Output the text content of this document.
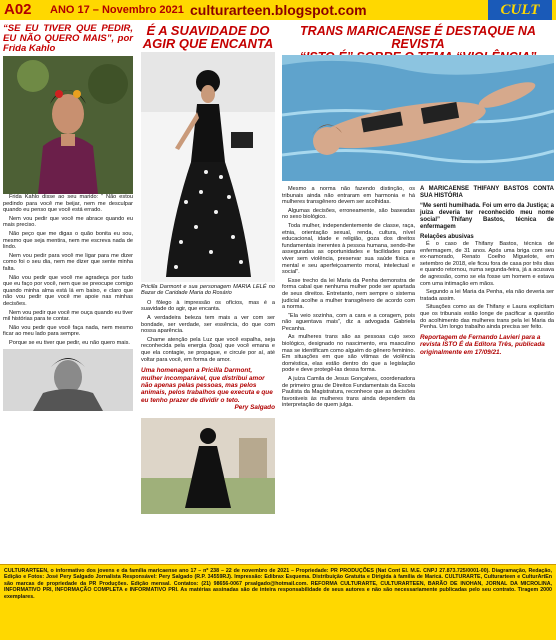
A02 ANO 17 – Novembro 2021 culturarteen.blogspot.com	CULT
“SE EU TIVER QUE PEDIR, EU NÃO QUERO MAIS”, por Frida Kahlo

Frida Kahlo disse ao seu marido: “ Não estou pedindo para você me beijar, nem me desculpar quando eu penso que você está errado.

Nem vou pedir que você me abrace quando eu mais preciso.

Não peço que me digas o quão bonita eu sou, mesmo que seja mentira, nem me escreva nada de lindo.

Nem vou pedir para você me ligar para me dizer como foi o seu dia, nem me dizer que sente minha falta.

Não vou pedir que você me agradeça por tudo que eu faço por você, nem que se preocupe comigo quando minha alma está lá em baixo, e claro que não vou pedir que você me apoie nas minhas decisões.

Nem vou pedir que você me ouça quando eu tiver mil histórias para te contar.

Não vou pedir que você faça nada, nem mesmo ficar ao meu lado para sempre.

Porque se eu tiver que pedir, eu não quero mais.

É A SUAVIDADE DO AGIR QUE ENCANTA
Pricilla Darmont e sua personagem MARIA LELÉ no Bazar de Caridade Maria do Rosário

O fôlego à impressão os ofícios, mas é a suavidade do agir, que encanta.

A verdadeira beleza tem mais a ver com ser bondade, ser verdade, ser essência, do que com nossa aparência.

Chame atenção pela Luz que você espalha, seja reconhecida pela energia (boa) que você emana e que ela contagie, se propague, e circule por aí, até voltar para você, em forma de amor.

Uma homenagem a Pricilla Darmont, mulher incomparável, que distribui amor não apenas pelas pessoas, mas pelos animais, pelos trabalhos que executa e que eu tenho prazer de dividir o teto.
Pery Salgado
TRANS MARICAENSE É DESTAQUE NA REVISTA

Mesmo a norma não fazendo distinção, os tribunais ainda não entraram em harmonia e há mulheres transgênero devem ser acolhidas.

Algumas decisões, erroneamente, são baseadas no sexo biológico.

Toda mulher, independentemente de classe, raça, etnia, orientação sexual, renda, cultura, nível educacional, idade e religião, goza dos direitos fundamentais inerentes à pessoa humana, sendo-lhe asseguradas as oportunidades e facilidades para viver sem violência, preservar sua saúde física e mental e seu aperfeiçoamento moral, intelectual e social”.

Esse trecho da lei Maria da Penha demonstra de forma cabal que nenhuma mulher pode ser apartada de seus direitos. Entretanto, nem sempre o sistema judicial acolhe a mulher transgênero de acordo com a norma.

“Ela veio sozinha, com a cara e a coragem, pois não aguentava mais”, diz a advogada Gabriela Pecanha.

As mulheres trans são as pessoas cujo sexo biológico, designado no nascimento, era masculino mas se identificam como alguém do gênero feminino. Em situações em que são vítimas de violência doméstica, elas estão dentro do que a legislação pode e deve protegê-las dessa forma.

A juíza Camila de Jesus Gonçalves, coordenadora de primeiro grau de Direitos Fundamentais da Escola Paulista da Magistratura, reconhece que as decisões favoráveis às mulheres trans ainda dependem da interpretação de quem julga.

A MARICAENSE THIFANY BASTOS CONTA SUA HISTÓRIA
“Me senti humilhada. Foi um erro da Justiça; a juíza deveria ter reconhecido meu nome social” Thifany Bastos, técnica de enfermagem
Relações abusivas

É o caso de Thifany Bastos, técnica de enfermagem, de 31 anos. Após uma briga com seu ex-namorado, Renato Coelho Miguelote, em setembro de 2018, ele ficou fora de casa por três dias e quando retornou, numa segunda-feira, já a acusava de agressão, como se ela fosse um homem e estava com uma intimação em mãos.

Segundo a lei Maria da Penha, ela não deveria ser tratada assim.

Situações como as de Thifany e Laura explicitam que os tribunais estão longe de pacificar a questão do acolhimento das mulheres trans pela lei Maria da Penha. Um longo trabalho ainda precisa ser feito.

Reportagem de Fernando Lavieri para a revista ISTO É da Editora Três, publicada originalmente em 17/09/21.
CULTURARTEEN, o informativo dos jovens e da família maricaense ano 17 – nº 238 – 22 de novembro de 2021 – Propriedade: PR PRODUÇÕES (Nat Cont El. M.E. CNPJ 27.873.725/0001-00). Diagramação, Redação, Edição e Fotos: José Pery Salgado Jornalista Responsável: Pery Salgado (R.P. 34559RJ). Impressão: Edibrax Esquema. Distribuição Gratuita e Dirigida à família de Maricá. CULTURARTE, Culturarteen e CulturArtEn são marcas de propriedade da PR Produções. Edição mensal. Contatos: (21) 98656-0067 prsalgado@hotmail.com. REFORMA CULTURARTE, CULTURARTEEN, BARÃO DE INOHAN, JORNAL DA MICROLINA, INFORMATIVO PRI, INFORMAÇÃO COMPLETA e INFORMATIVO PRI. As matérias assinadas são de inteira responsabilidade de seus autores e não são necessariamente publicadas pelo seu contrato. Tiragem 2000 exemplares.
